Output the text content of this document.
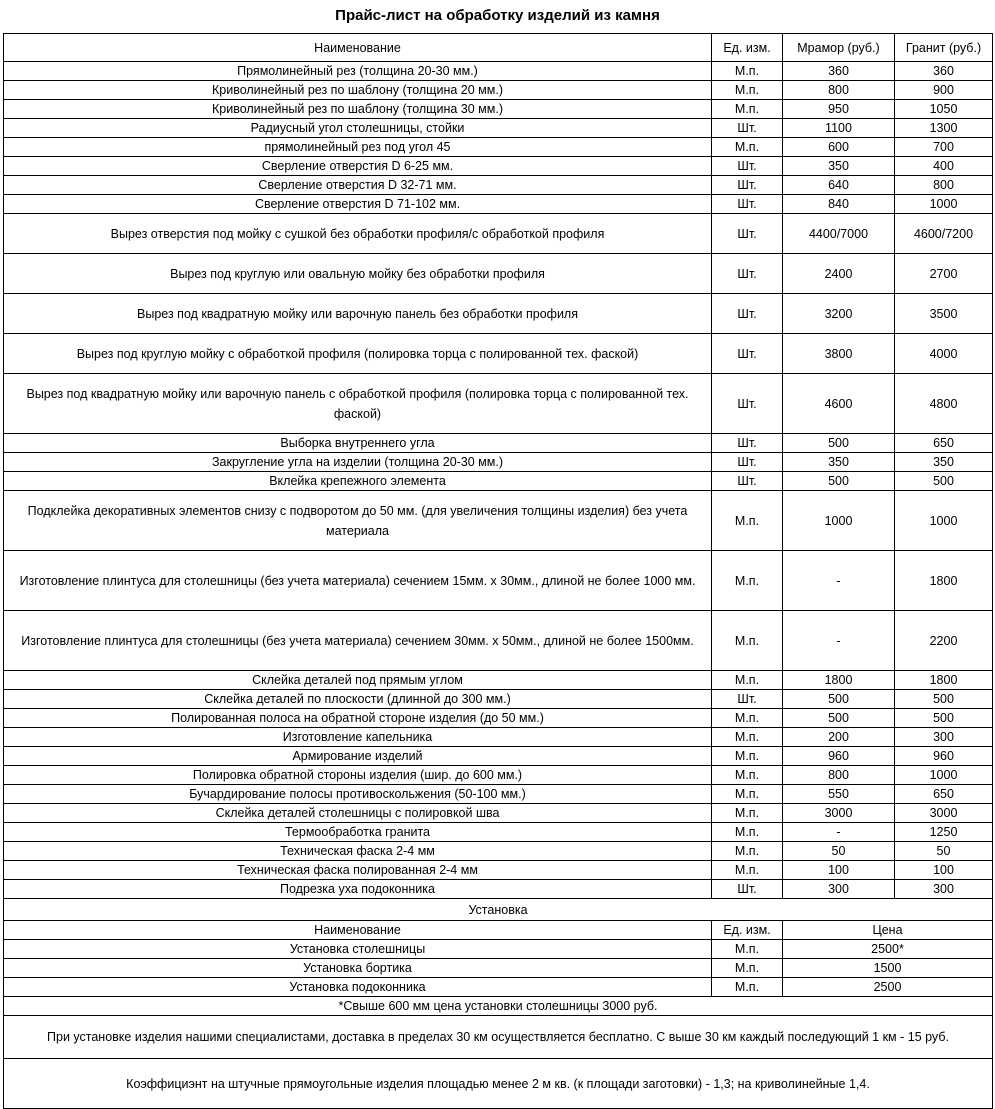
Прайс-лист на обработку изделий из камня
Наименование	Ед. изм.	Мрамор (руб.)	Гранит (руб.)
Прямолинейный рез (толщина 20-30 мм.)	М.п.	360	360
Криволинейный рез по шаблону (толщина 20 мм.)	М.п.	800	900
Криволинейный рез по шаблону (толщина 30 мм.)	М.п.	950	1050
Радиусный угол столешницы, стойки	Шт.	1100	1300
прямолинейный рез под угол 45	М.п.	600	700
Сверление отверстия D 6-25 мм.	Шт.	350	400
Сверление отверстия D 32-71 мм.	Шт.	640	800
Сверление отверстия D 71-102 мм.	Шт.	840	1000
Вырез отверстия под мойку с сушкой без обработки профиля/с обработкой профиля	Шт.	4400/7000	4600/7200
Вырез под круглую или овальную мойку без обработки профиля	Шт.	2400	2700
Вырез под квадратную мойку или варочную панель без обработки профиля	Шт.	3200	3500
Вырез под круглую мойку с обработкой профиля (полировка торца с полированной тех. фаской)	Шт.	3800	4000
Вырез под квадратную мойку или варочную панель с обработкой профиля (полировка торца с полированной тех. фаской)	Шт.	4600	4800
Выборка внутреннего угла	Шт.	500	650
Закругление угла на изделии (толщина 20-30 мм.)	Шт.	350	350
Вклейка крепежного элемента	Шт.	500	500
Подклейка декоративных элементов снизу с подворотом до 50 мм. (для увеличения толщины изделия) без учета материала	М.п.	1000	1000
Изготовление плинтуса для столешницы (без учета материала) сечением 15мм. х 30мм., длиной не более 1000 мм.	М.п.	-	1800
Изготовление плинтуса для столешницы (без учета материала) сечением 30мм. х 50мм., длиной не более 1500мм.	М.п.	-	2200
Склейка деталей под прямым углом	М.п.	1800	1800
Склейка деталей по плоскости (длинной до 300 мм.)	Шт.	500	500
Полированная полоса на обратной стороне изделия (до 50 мм.)	М.п.	500	500
Изготовление капельника	М.п.	200	300
Армирование изделий	М.п.	960	960
Полировка обратной стороны изделия (шир. до 600 мм.)	М.п.	800	1000
Бучардирование полосы противоскольжения (50-100 мм.)	М.п.	550	650
Склейка деталей столешницы с полировкой шва	М.п.	3000	3000
Термообработка гранита	М.п.	-	1250
Техническая фаска 2-4 мм	М.п.	50	50
Техническая фаска полированная 2-4 мм	М.п.	100	100
Подрезка уха подоконника	Шт.	300	300
Установка			
Наименование	Ед. изм.	Цена	
Установка столешницы	М.п.	2500*	
Установка бортика	М.п.	1500	
Установка подоконника	М.п.	2500	
*Свыше 600 мм цена установки столешницы 3000 руб.			
При установке изделия нашими специалистами, доставка в пределах 30 км осуществляется бесплатно. С выше 30 км каждый последующий 1 км - 15 руб.			
Коэффициэнт на штучные прямоугольные изделия площадью менее 2 м кв. (к площади заготовки) - 1,3; на криволинейные 1,4.			
